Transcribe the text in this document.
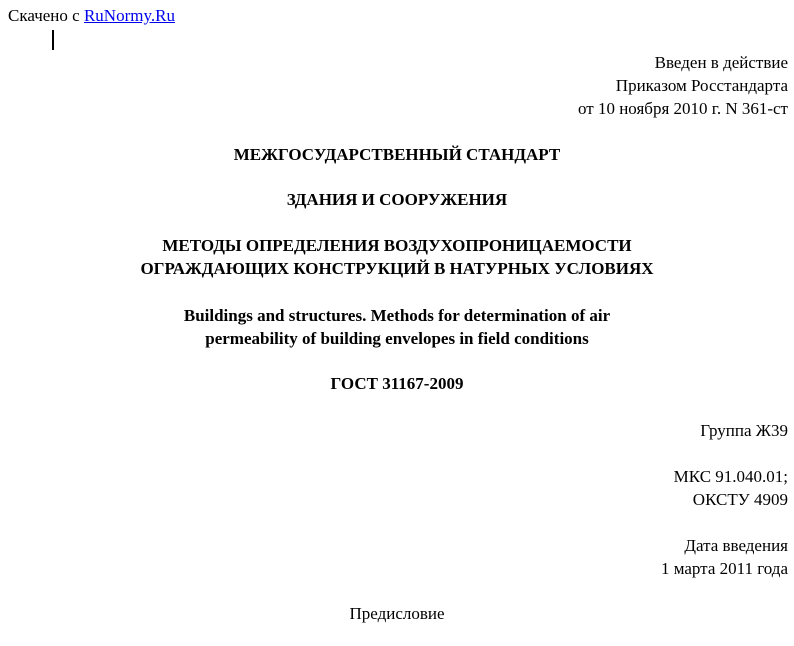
Скачено с RuNormy.Ru
Введен в действие
Приказом Росстандарта
от 10 ноября 2010 г. N 361-ст
МЕЖГОСУДАРСТВЕННЫЙ СТАНДАРТ
ЗДАНИЯ И СООРУЖЕНИЯ
МЕТОДЫ ОПРЕДЕЛЕНИЯ ВОЗДУХОПРОНИЦАЕМОСТИ
ОГРАЖДАЮЩИХ КОНСТРУКЦИЙ В НАТУРНЫХ УСЛОВИЯХ
Buildings and structures. Methods for determination of air
permeability of building envelopes in field conditions
ГОСТ 31167-2009
Группа Ж39
МКС 91.040.01;
ОКСТУ 4909
Дата введения
1 марта 2011 года
Предисловие
